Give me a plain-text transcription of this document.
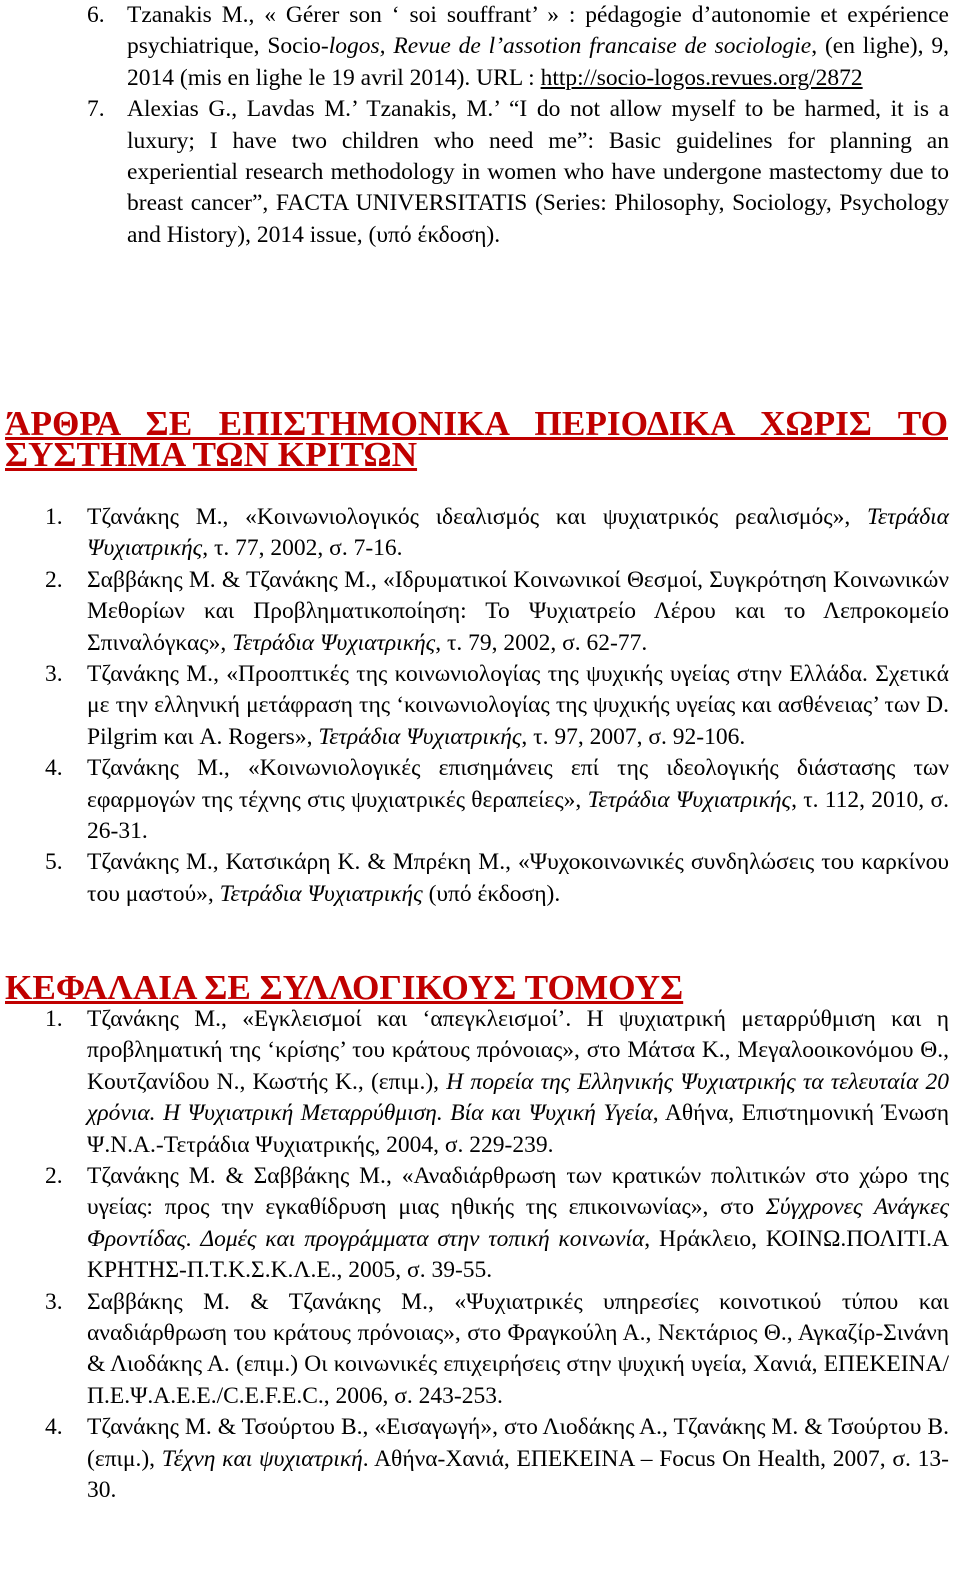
6. Tzanakis M., « Gérer son ‘ soi souffrant’ » : pédagogie d’autonomie et expérience psychiatrique, Socio-logos, Revue de l’assotion francaise de sociologie, (en lighe), 9, 2014 (mis en lighe le 19 avril 2014). URL : http://socio-logos.revues.org/2872
7. Alexias G., Lavdas M.’ Tzanakis, M.’ “I do not allow myself to be harmed, it is a luxury; I have two children who need me”: Basic guidelines for planning an experiential research methodology in women who have undergone mastectomy due to breast cancer”, FACTA UNIVERSITATIS (Series: Philosophy, Sociology, Psychology and History), 2014 issue, (υπό έκδοση).
ΆΡΘΡΑ ΣΕ ΕΠΙΣΤΗΜΟΝΙΚΑ ΠΕΡΙΟΔΙΚΑ ΧΩΡΙΣ ΤΟ ΣΥΣΤΗΜΑ ΤΩΝ ΚΡΙΤΩΝ
1. Τζανάκης Μ., «Κοινωνιολογικός ιδεαλισμός και ψυχιατρικός ρεαλισμός», Τετράδια Ψυχιατρικής, τ. 77, 2002, σ. 7-16.
2. Σαββάκης Μ. & Τζανάκης Μ., «Ιδρυματικοί Κοινωνικοί Θεσμοί, Συγκρότηση Κοινωνικών Μεθορίων και Προβληματικοποίηση: Το Ψυχιατρείο Λέρου και το Λεπροκομείο Σπιναλόγκας», Τετράδια Ψυχιατρικής, τ. 79, 2002, σ. 62-77.
3. Τζανάκης Μ., «Προοπτικές της κοινωνιολογίας της ψυχικής υγείας στην Ελλάδα. Σχετικά με την ελληνική μετάφραση της ‘κοινωνιολογίας της ψυχικής υγείας και ασθένειας’ των D. Pilgrim και A. Rogers», Τετράδια Ψυχιατρικής, τ. 97, 2007, σ. 92-106.
4. Τζανάκης Μ., «Κοινωνιολογικές επισημάνεις επί της ιδεολογικής διάστασης των εφαρμογών της τέχνης στις ψυχιατρικές θεραπείες», Τετράδια Ψυχιατρικής, τ. 112, 2010, σ. 26-31.
5. Τζανάκης Μ., Κατσικάρη Κ. & Μπρέκη Μ., «Ψυχοκοινωνικές συνδηλώσεις του καρκίνου του μαστού», Τετράδια Ψυχιατρικής (υπό έκδοση).
ΚΕΦΑΛΑΙΑ ΣΕ ΣΥΛΛΟΓΙΚΟΥΣ ΤΟΜΟΥΣ
1. Τζανάκης Μ., «Εγκλεισμοί και ‘απεγκλεισμοί’. Η ψυχιατρική μεταρρύθμιση και η προβληματική της ‘κρίσης’ του κράτους πρόνοιας», στο Μάτσα Κ., Μεγαλοοικονόμου Θ., Κουτζανίδου Ν., Κωστής Κ., (επιμ.), Η πορεία της Ελληνικής Ψυχιατρικής τα τελευταία 20 χρόνια. Η Ψυχιατρική Μεταρρύθμιση. Βία και Ψυχική Υγεία, Αθήνα, Επιστημονική Ένωση Ψ.Ν.Α.-Τετράδια Ψυχιατρικής, 2004, σ. 229-239.
2. Τζανάκης Μ. & Σαββάκης Μ., «Αναδιάρθρωση των κρατικών πολιτικών στο χώρο της υγείας: προς την εγκαθίδρυση μιας ηθικής της επικοινωνίας», στο Σύγχρονες Ανάγκες Φροντίδας. Δομές και προγράμματα στην τοπική κοινωνία, Ηράκλειο, ΚΟΙΝΩ.ΠΟΛΙΤΙ.Α ΚΡΗΤΗΣ-Π.Τ.Κ.Σ.Κ.Λ.Ε., 2005, σ. 39-55.
3. Σαββάκης Μ. & Τζανάκης Μ., «Ψυχιατρικές υπηρεσίες κοινοτικού τύπου και αναδιάρθρωση του κράτους πρόνοιας», στο Φραγκούλη Α., Νεκτάριος Θ., Αγκαζίρ-Σινάνη & Λιοδάκης Α. (επιμ.) Οι κοινωνικές επιχειρήσεις στην ψυχική υγεία, Χανιά, ΕΠΕΚΕΙΝΑ/Π.Ε.Ψ.Α.Ε.Ε./C.E.F.E.C., 2006, σ. 243-253.
4. Τζανάκης Μ. & Τσούρτου Β., «Εισαγωγή», στο Λιοδάκης Α., Τζανάκης Μ. & Τσούρτου Β. (επιμ.), Τέχνη και ψυχιατρική. Αθήνα-Χανιά, ΕΠΕΚΕΙΝΑ – Focus On Health, 2007, σ. 13-30.
